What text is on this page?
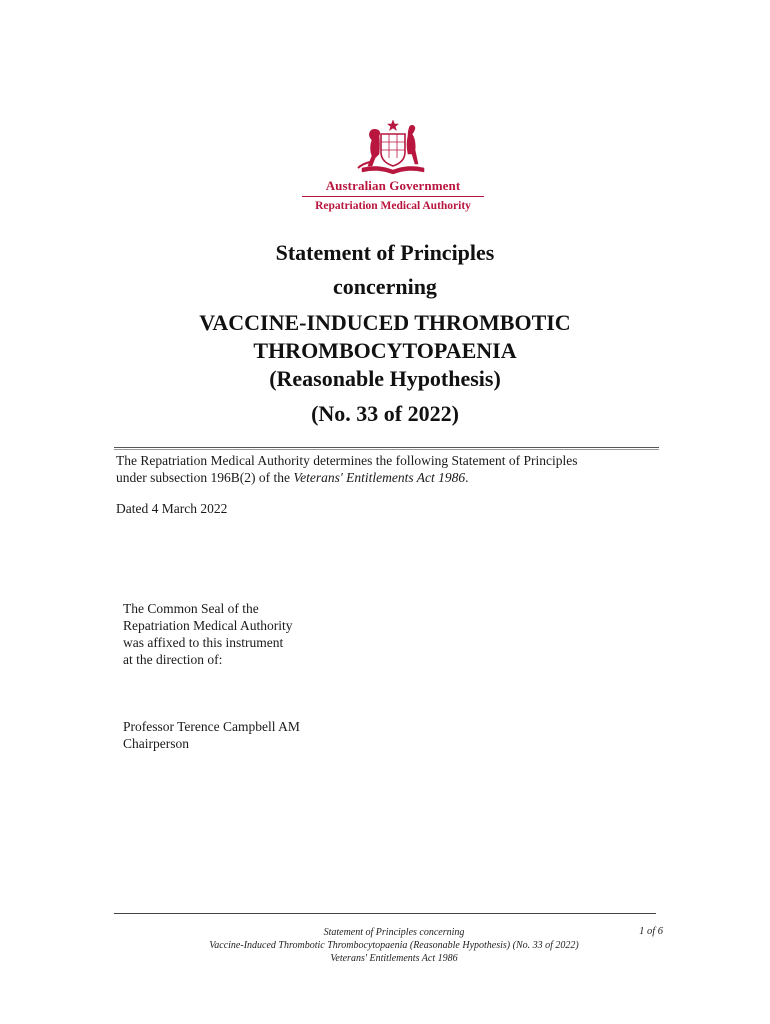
Australian Government
Repatriation Medical Authority
Statement of Principles
concerning
VACCINE-INDUCED THROMBOTIC
THROMBOCYTOPAENIA
(Reasonable Hypothesis)
(No. 33 of 2022)
The Repatriation Medical Authority determines the following Statement of Principles
under subsection 196B(2) of the Veterans' Entitlements Act 1986.
Dated 4 March 2022
The Common Seal of the
Repatriation Medical Authority
was affixed to this instrument
at the direction of:
Professor Terence Campbell AM
Chairperson
Statement of Principles concerning
Vaccine-Induced Thrombotic Thrombocytopaenia (Reasonable Hypothesis) (No. 33 of 2022)
Veterans' Entitlements Act 1986
1 of 6
